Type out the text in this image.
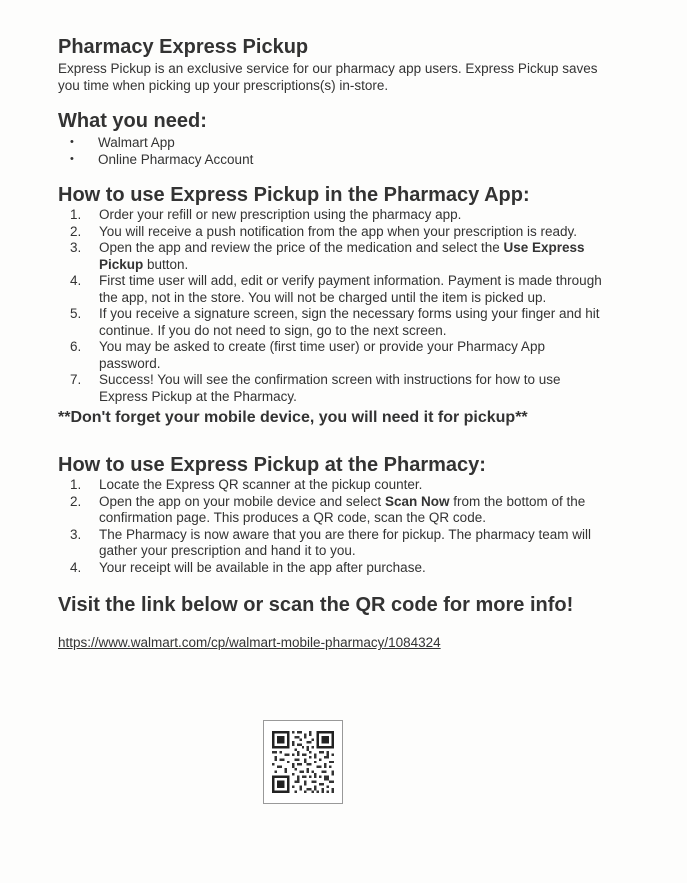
Pharmacy Express Pickup

Express Pickup is an exclusive service for our pharmacy app users. Express Pickup saves you time when picking up your prescriptions(s) in-store.

What you need:
• Walmart App
• Online Pharmacy Account
How to use Express Pickup in the Pharmacy App:
1. Order your refill or new prescription using the pharmacy app.
2. You will receive a push notification from the app when your prescription is ready.
3. Open the app and review the price of the medication and select the Use Express Pickup button.
4. First time user will add, edit or verify payment information. Payment is made through the app, not in the store. You will not be charged until the item is picked up.
5. If you receive a signature screen, sign the necessary forms using your finger and hit continue. If you do not need to sign, go to the next screen.
6. You may be asked to create (first time user) or provide your Pharmacy App password.
7. Success! You will see the confirmation screen with instructions for how to use Express Pickup at the Pharmacy.

**Don't forget your mobile device, you will need it for pickup**

How to use Express Pickup at the Pharmacy:
1. Locate the Express QR scanner at the pickup counter.
2. Open the app on your mobile device and select Scan Now from the bottom of the confirmation page. This produces a QR code, scan the QR code.
3. The Pharmacy is now aware that you are there for pickup. The pharmacy team will gather your prescription and hand it to you.
4. Your receipt will be available in the app after purchase.
Visit the link below or scan the QR code for more info!
https://www.walmart.com/cp/walmart-mobile-pharmacy/1084324
